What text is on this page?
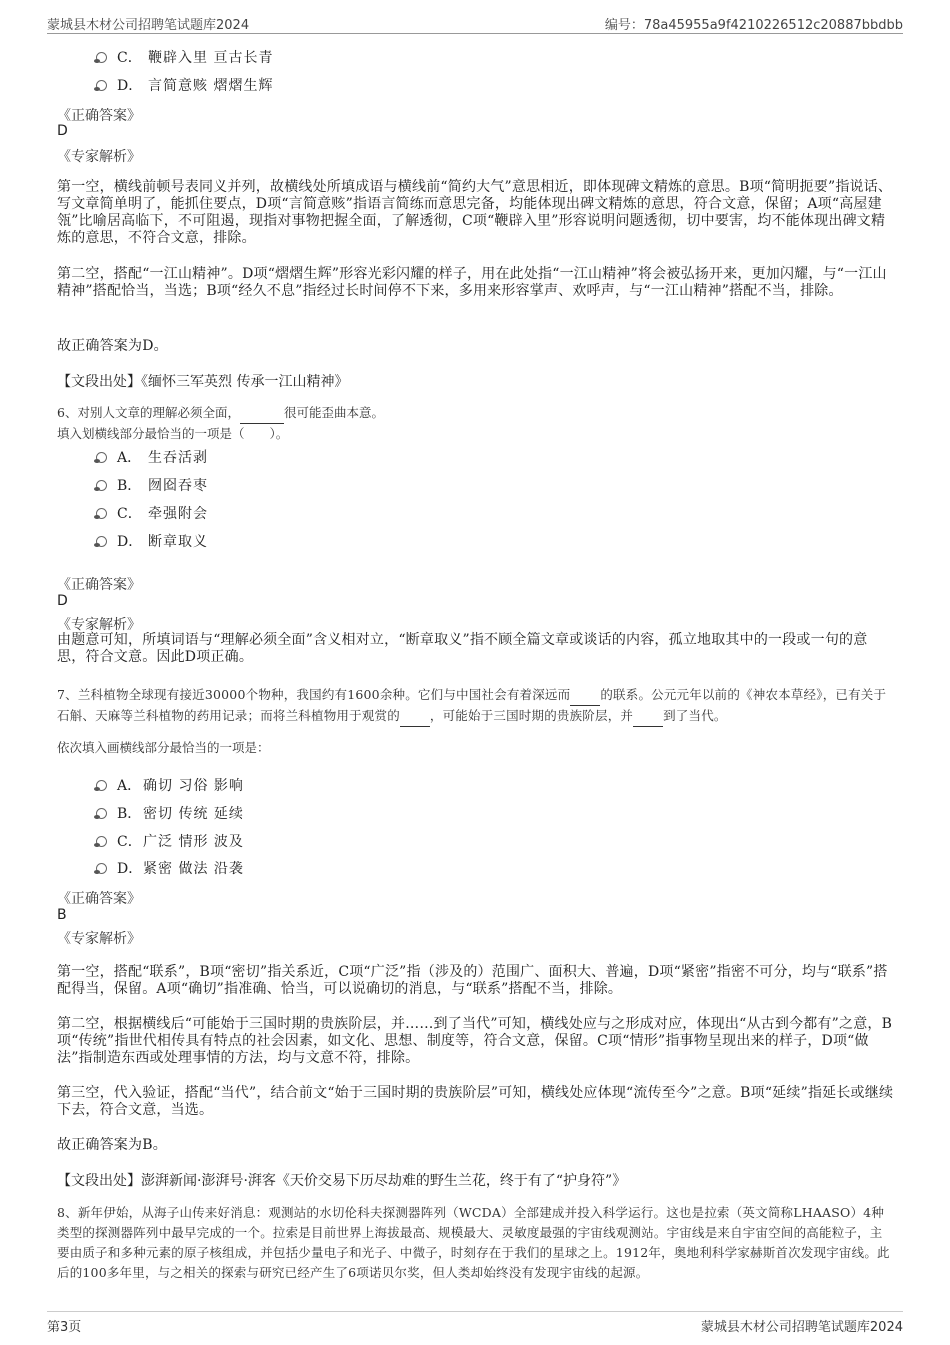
蒙城县木材公司招聘笔试题库2024	编号：78a45955a9f4210226512c20887bbdbb
C． 鞭辟入里 亘古长青
D． 言简意赅 熠熠生辉
《正确答案》
D
《专家解析》
第一空，横线前顿号表同义并列，故横线处所填成语与横线前“简约大气”意思相近，即体现碑文精炼的意思。B项“简明扼要”指说话、写文章简单明了，能抓住要点，D项“言简意赅”指语言简练而意思完备，均能体现出碑文精炼的意思，符合文意，保留；A项“高屋建瓴”比喻居高临下，不可阻遏，现指对事物把握全面，了解透彻，C项“鞭辟入里”形容说明问题透彻，切中要害，均不能体现出碑文精炼的意思，不符合文意，排除。
第二空，搭配“一江山精神”。D项“熠熠生辉”形容光彩闪耀的样子，用在此处指“一江山精神”将会被弘扬开来，更加闪耀，与“一江山精神”搭配恰当，当选；B项“经久不息”指经过长时间停不下来，多用来形容掌声、欢呼声，与“一江山精神”搭配不当，排除。
故正确答案为D。
【文段出处】《缅怀三军英烈 传承一江山精神》
6、对别人文章的理解必须全面，	很可能歪曲本意。
填入划横线部分最恰当的一项是（　　）。
A． 生吞活剥
B． 囫囵吞枣
C． 牵强附会
D． 断章取义
《正确答案》
D
《专家解析》
由题意可知，所填词语与“理解必须全面”含义相对立，“断章取义”指不顾全篇文章或谈话的内容，孤立地取其中的一段或一句的意思，符合文意。因此D项正确。
7、兰科植物全球现有接近30000个物种，我国约有1600余种。它们与中国社会有着深远而 的联系。公元元年以前的《神农本草经》，已有关于石斛、天麻等兰科植物的药用记录；而将兰科植物用于观赏的 ，可能始于三国时期的贵族阶层，并 到了当代。
依次填入画横线部分最恰当的一项是：
A． 确切 习俗 影响
B． 密切 传统 延续
C． 广泛 情形 波及
D． 紧密 做法 沿袭
《正确答案》
B
《专家解析》
第一空，搭配“联系”，B项“密切”指关系近，C项“广泛”指（涉及的）范围广、面积大、普遍，D项“紧密”指密不可分，均与“联系”搭配得当，保留。A项“确切”指准确、恰当，可以说确切的消息，与“联系”搭配不当，排除。
第二空，根据横线后“可能始于三国时期的贵族阶层，并……到了当代”可知，横线处应与之形成对应，体现出“从古到今都有”之意，B项“传统”指世代相传具有特点的社会因素，如文化、思想、制度等，符合文意，保留。C项“情形”指事物呈现出来的样子，D项“做法”指制造东西或处理事情的方法，均与文意不符，排除。
第三空，代入验证，搭配“当代”，结合前文“始于三国时期的贵族阶层”可知，横线处应体现“流传至今”之意。B项“延续”指延长或继续下去，符合文意，当选。
故正确答案为B。
【文段出处】澎湃新闻·澎湃号·湃客《天价交易下历尽劫难的野生兰花，终于有了“护身符”》
8、新年伊始，从海子山传来好消息：观测站的水切伦科夫探测器阵列（WCDA）全部建成并投入科学运行。这也是拉索（英文简称LHAASO）4种类型的探测器阵列中最早完成的一个。拉索是目前世界上海拔最高、规模最大、灵敏度最强的宇宙线观测站。宇宙线是来自宇宙空间的高能粒子，主要由质子和多种元素的原子核组成，并包括少量电子和光子、中微子，时刻存在于我们的星球之上。1912年，奥地利科学家赫斯首次发现宇宙线。此后的100多年里，与之相关的探索与研究已经产生了6项诺贝尔奖，但人类却始终没有发现宇宙线的起源。
第3页	蒙城县木材公司招聘笔试题库2024
